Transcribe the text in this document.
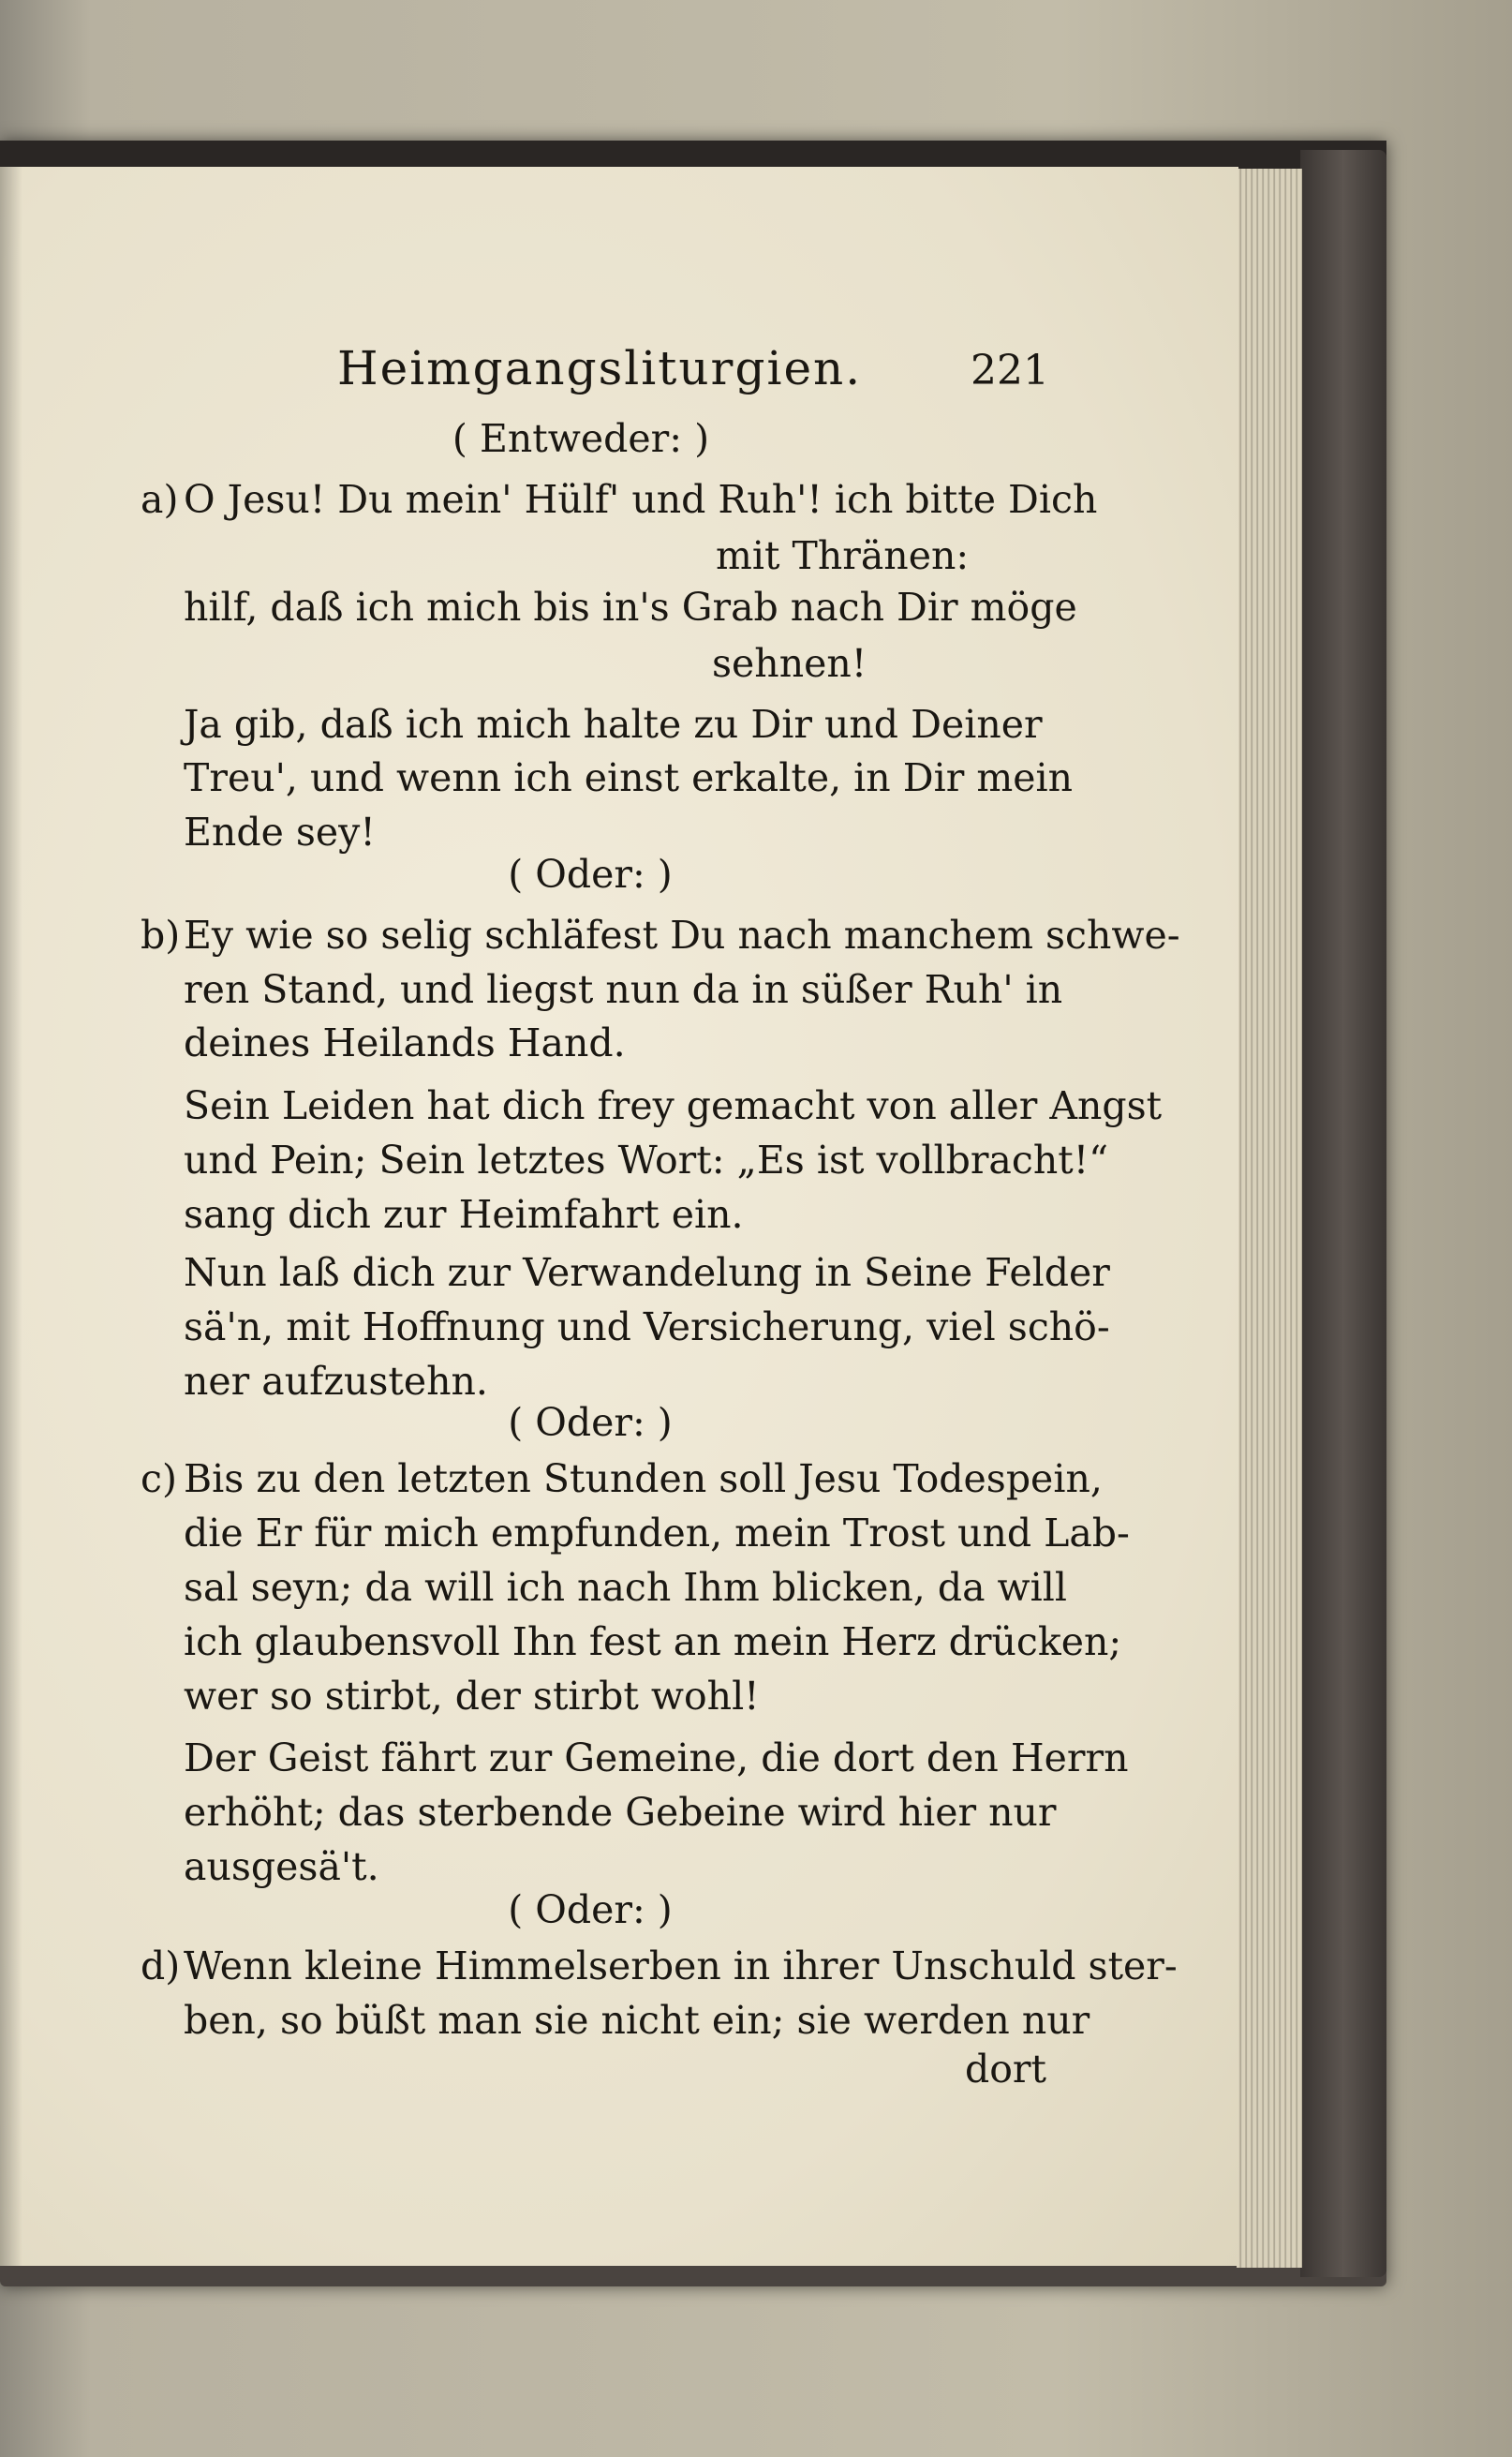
Heimgangsliturgien.	221
( Entweder: )
a) O Jesu! Du mein' Hülf' und Ruh'! ich bitte Dich
mit Thränen:
hilf, daß ich mich bis in's Grab nach Dir möge
sehnen!
Ja gib, daß ich mich halte zu Dir und Deiner
Treu', und wenn ich einst erkalte, in Dir mein
Ende sey!
( Oder: )
b) Ey wie so selig schläfest Du nach manchem schwe-
ren Stand, und liegst nun da in süßer Ruh' in
deines Heilands Hand.
Sein Leiden hat dich frey gemacht von aller Angst
und Pein; Sein letztes Wort: „Es ist vollbracht!“
sang dich zur Heimfahrt ein.
Nun laß dich zur Verwandelung in Seine Felder
sä'n, mit Hoffnung und Versicherung, viel schö-
ner aufzustehn.
( Oder: )
c) Bis zu den letzten Stunden soll Jesu Todespein,
die Er für mich empfunden, mein Trost und Lab-
sal seyn; da will ich nach Ihm blicken, da will
ich glaubensvoll Ihn fest an mein Herz drücken;
wer so stirbt, der stirbt wohl!
Der Geist fährt zur Gemeine, die dort den Herrn
erhöht; das sterbende Gebeine wird hier nur
ausgesä't.
( Oder: )
d) Wenn kleine Himmelserben in ihrer Unschuld ster-
ben, so büßt man sie nicht ein; sie werden nur
dort
